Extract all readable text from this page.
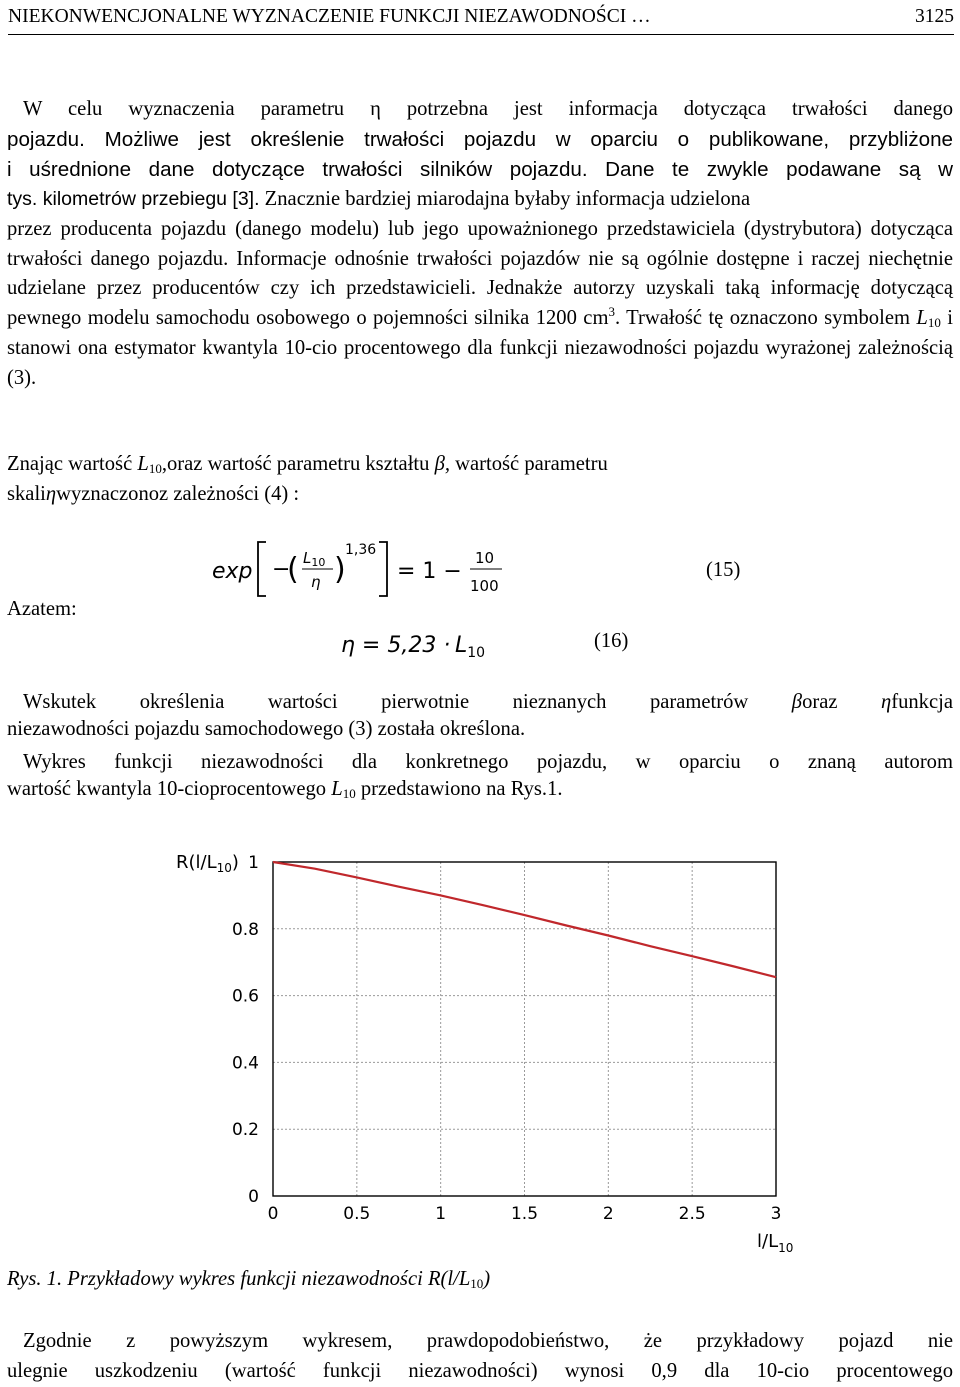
NIEKONWENCJONALNE WYZNACZENIE FUNKCJI NIEZAWODNOŚCI …	3125
W celu wyznaczenia parametru η potrzebna jest informacja dotycząca trwałości danego
pojazdu. Możliwe jest określenie trwałości pojazdu w oparciu o publikowane, przybliżone
i uśrednione dane dotyczące trwałości silników pojazdu. Dane te zwykle podawane są w
tys. kilometrów przebiegu [3]. Znacznie bardziej miarodajna byłaby informacja udzielona

przez producenta pojazdu (danego modelu) lub jego upoważnionego przedstawiciela (dystrybutora) dotycząca trwałości danego pojazdu. Informacje odnośnie trwałości pojazdów nie są ogólnie dostępne i raczej niechętnie udzielane przez producentów czy ich przedstawicieli. Jednakże autorzy uzyskali taką informację dotyczącą pewnego modelu samochodu osobowego o pojemności silnika 1200 $cm^3$. Trwałość tę oznaczono symbolem $L_{10}$ i stanowi ona estymator kwantyla 10-cio procentowego dla funkcji niezawodności pojazdu wyrażonej zależnością (3).

Znając wartość $L_{10},oraz$ wartość parametru kształtu β, wartość parametru
skaliηwyznaczonoz zależności (4) :
Azatem:
exp −
( $L_{10}$
η )
1,36
= 1 −
10
100
$\eta = 5,23 \cdot L_{10}$
(15)
(16)
Wskutek określenia wartości pierwotnie nieznanych parametrów βoraz ηfunkcja
niezawodności pojazdu samochodowego (3) została określona.
Wykres funkcji niezawodności dla konkretnego pojazdu, w oparciu o znaną autorom
wartość kwantyla 10-cioprocentowego $L_{10}$ przedstawiono na Rys.1.
0	0.5	1	1.5	2	2.5	3
0
0.2
0.4
0.6
0.8
1
$R(l/L_{10})$
$l/L_{10}$
Rys. 1. Przykładowy wykres funkcji niezawodności $R(l/L_{10})$
Zgodnie z powyższym wykresem, prawdopodobieństwo, że przykładowy pojazd nie
ulegnie uszkodzeniu (wartość funkcji niezawodności) wynosi 0,9 dla 10-cio procentowego
